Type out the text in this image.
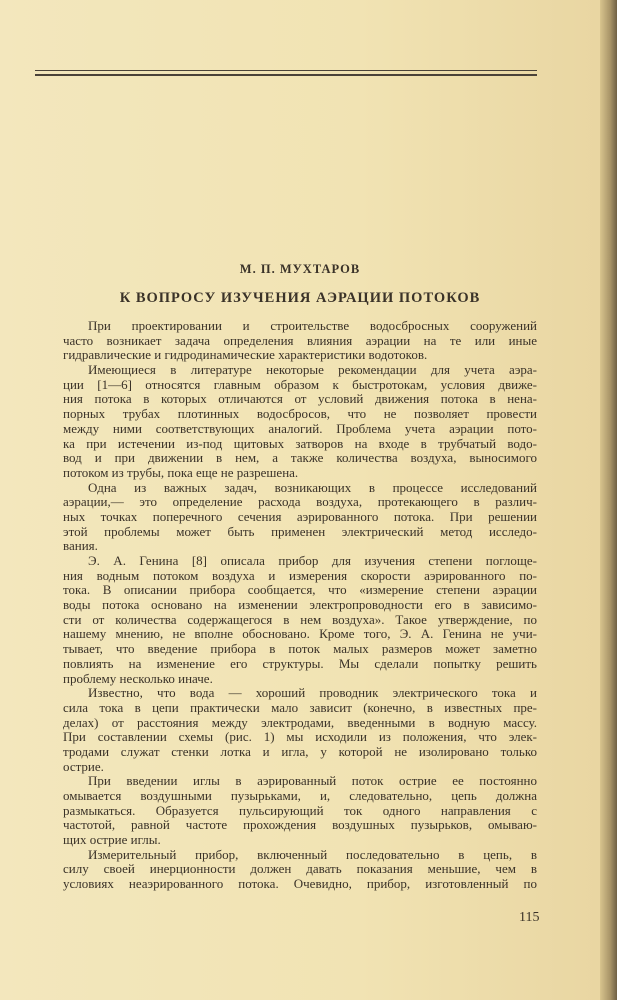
М. П. МУХТАРОВ
К ВОПРОСУ ИЗУЧЕНИЯ АЭРАЦИИ ПОТОКОВ
При проектировании и строительстве водосбросных сооружений
часто возникает задача определения влияния аэрации на те или иные
гидравлические и гидродинамические характеристики водотоков.
Имеющиеся в литературе некоторые рекомендации для учета аэра-
ции [1—6] относятся главным образом к быстротокам, условия движе-
ния потока в которых отличаются от условий движения потока в нена-
порных трубах плотинных водосбросов, что не позволяет провести
между ними соответствующих аналогий. Проблема учета аэрации пото-
ка при истечении из-под щитовых затворов на входе в трубчатый водо-
вод и при движении в нем, а также количества воздуха, выносимого
потоком из трубы, пока еще не разрешена.
Одна из важных задач, возникающих в процессе исследований
аэрации,— это определение расхода воздуха, протекающего в различ-
ных точках поперечного сечения аэрированного потока. При решении
этой проблемы может быть применен электрический метод исследо-
вания.
Э. А. Генина [8] описала прибор для изучения степени поглоще-
ния водным потоком воздуха и измерения скорости аэрированного по-
тока. В описании прибора сообщается, что «измерение степени аэрации
воды потока основано на изменении электропроводности его в зависимо-
сти от количества содержащегося в нем воздуха». Такое утверждение, по
нашему мнению, не вполне обосновано. Кроме того, Э. А. Генина не учи-
тывает, что введение прибора в поток малых размеров может заметно
повлиять на изменение его структуры. Мы сделали попытку решить
проблему несколько иначе.
Известно, что вода — хороший проводник электрического тока и
сила тока в цепи практически мало зависит (конечно, в известных пре-
делах) от расстояния между электродами, введенными в водную массу.
При составлении схемы (рис. 1) мы исходили из положения, что элек-
тродами служат стенки лотка и игла, у которой не изолировано только
острие.
При введении иглы в аэрированный поток острие ее постоянно
омывается воздушными пузырьками, и, следовательно, цепь должна
размыкаться. Образуется пульсирующий ток одного направления с
частотой, равной частоте прохождения воздушных пузырьков, омываю-
щих острие иглы.
Измерительный прибор, включенный последовательно в цепь, в
силу своей инерционности должен давать показания меньшие, чем в
условиях неаэрированного потока. Очевидно, прибор, изготовленный по
115
